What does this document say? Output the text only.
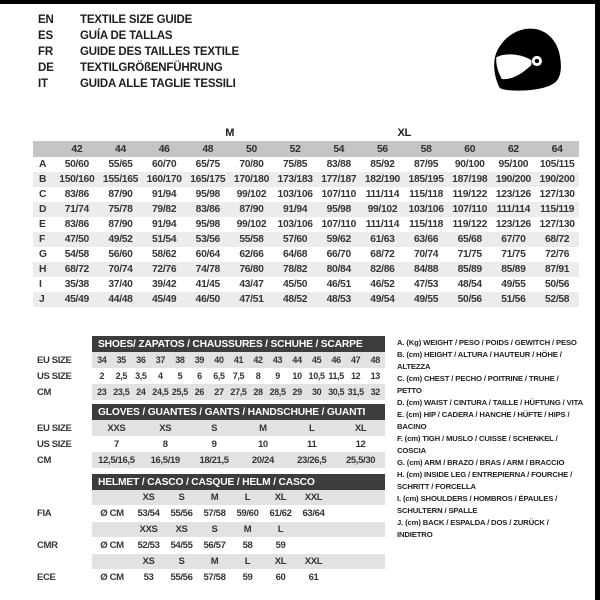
EN	TEXTILE SIZE GUIDE
ES	GUÍA DE TALLAS
FR	GUIDE DES TAILLES TEXTILE
DE	TEXTILGRÖßENFÜHRUNG
IT	GUIDA ALLE TAGLIE TESSILI
		S		M		L		XL		XXL		
	42	44	46	48	50	52	54	56	58	60	62	64
A	50/60	55/65	60/70	65/75	70/80	75/85	83/88	85/92	87/95	90/100	95/100	105/115
B	150/160	155/165	160/170	165/175	170/180	173/183	177/187	182/190	185/195	187/198	190/200	190/200
C	83/86	87/90	91/94	95/98	99/102	103/106	107/110	111/114	115/118	119/122	123/126	127/130
D	71/74	75/78	79/82	83/86	87/90	91/94	95/98	99/102	103/106	107/110	111/114	115/119
E	83/86	87/90	91/94	95/98	99/102	103/106	107/110	111/114	115/118	119/122	123/126	127/130
F	47/50	49/52	51/54	53/56	55/58	57/60	59/62	61/63	63/66	65/68	67/70	68/72
G	54/58	56/60	58/62	60/64	62/66	64/68	66/70	68/72	70/74	71/75	71/75	72/76
H	68/72	70/74	72/76	74/78	76/80	78/82	80/84	82/86	84/88	85/89	85/89	87/91
I	35/38	37/40	39/42	41/45	43/47	45/50	46/51	46/52	47/53	48/54	49/55	50/56
J	45/49	44/48	45/49	46/50	47/51	48/52	48/53	49/54	49/55	50/56	51/56	52/58
	SHOES/ ZAPATOS / CHAUSSURES / SCHUHE / SCARPE														
EU SIZE	34	35	36	37	38	39	40	41	42	43	44	45	46	47	48
US SIZE	2	2,5	3,5	4	5	6	6,5	7,5	8	9	10	10,5	11,5	12	13
CM	23	23,5	24	24,5	25,5	26	27	27,5	28	28,5	29	30	30,5	31,5	32
	GLOVES / GUANTES / GANTS / HANDSCHUHE / GUANTI					
EU SIZE	XXS	XS	S	M	L	XL
US SIZE	7	8	9	10	11	12
CM	12,5/16,5	16,5/19	18/21,5	20/24	23/26,5	25,5/30
	HELMET / CASCO / CASQUE / HELM / CASCO							
		XS	S	M	L	XL	XXL	
FIA	Ø CM	53/54	55/56	57/58	59/60	61/62	63/64	
		XXS	XS	S	M	L		
CMR	Ø CM	52/53	54/55	56/57	58	59		
		XS	S	M	L	XL	XXL	
ECE	Ø CM	53	55/56	57/58	59	60	61	
A. (Kg) WEIGHT / PESO / POIDS / GEWITCH / PESO
B. (cm) HEIGHT / ALTURA / HAUTEUR / HÖHE / ALTEZZA
C. (cm) CHEST / PECHO / POITRINE / TRUHE / PETTO
D. (cm) WAIST / CINTURA / TAILLE / HÜFTUNG / VITA
E. (cm) HIP / CADERA / HANCHE / HÜFTE / HIPS / BACINO
F. (cm) TIGH / MUSLO / CUISSE / SCHENKEL / COSCIA
G. (cm) ARM / BRAZO / BRAS / ARM / BRACCIO
H. (cm) INSIDE LEG / ENTREPIERNA / FOURCHE / SCHRITT / FORCELLA
I. (cm) SHOULDERS / HOMBROS / ÉPAULES / SCHULTERN / SPALLE
J. (cm) BACK / ESPALDA / DOS / ZURÜCK / INDIETRO
